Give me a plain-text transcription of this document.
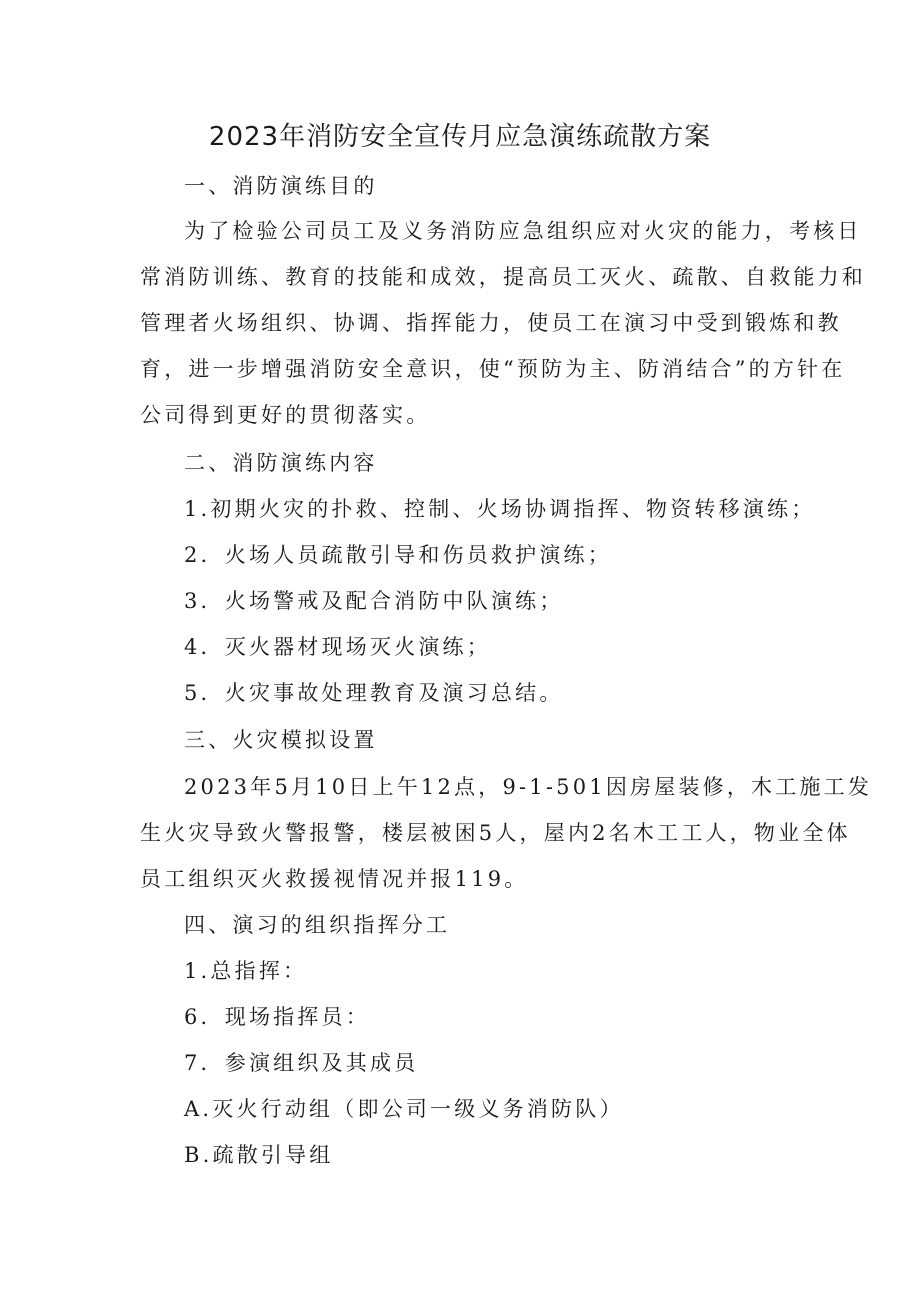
2023年消防安全宣传月应急演练疏散方案

一、消防演练目的

为了检验公司员工及义务消防应急组织应对火灾的能力，考核日

常消防训练、教育的技能和成效，提高员工灭火、疏散、自救能力和

管理者火场组织、协调、指挥能力，使员工在演习中受到锻炼和教

育，进一步增强消防安全意识，使“预防为主、防消结合”的方针在

公司得到更好的贯彻落实。

二、消防演练内容

1.初期火灾的扑救、控制、火场协调指挥、物资转移演练；

2．火场人员疏散引导和伤员救护演练；

3．火场警戒及配合消防中队演练；

4．灭火器材现场灭火演练；

5．火灾事故处理教育及演习总结。

三、火灾模拟设置

2023年5月10日上午12点，9-1-501因房屋装修，木工施工发

生火灾导致火警报警，楼层被困5人，屋内2名木工工人，物业全体

员工组织灭火救援视情况并报119。

四、演习的组织指挥分工

1.总指挥：

6．现场指挥员：

7．参演组织及其成员

A.灭火行动组（即公司一级义务消防队）

B.疏散引导组
